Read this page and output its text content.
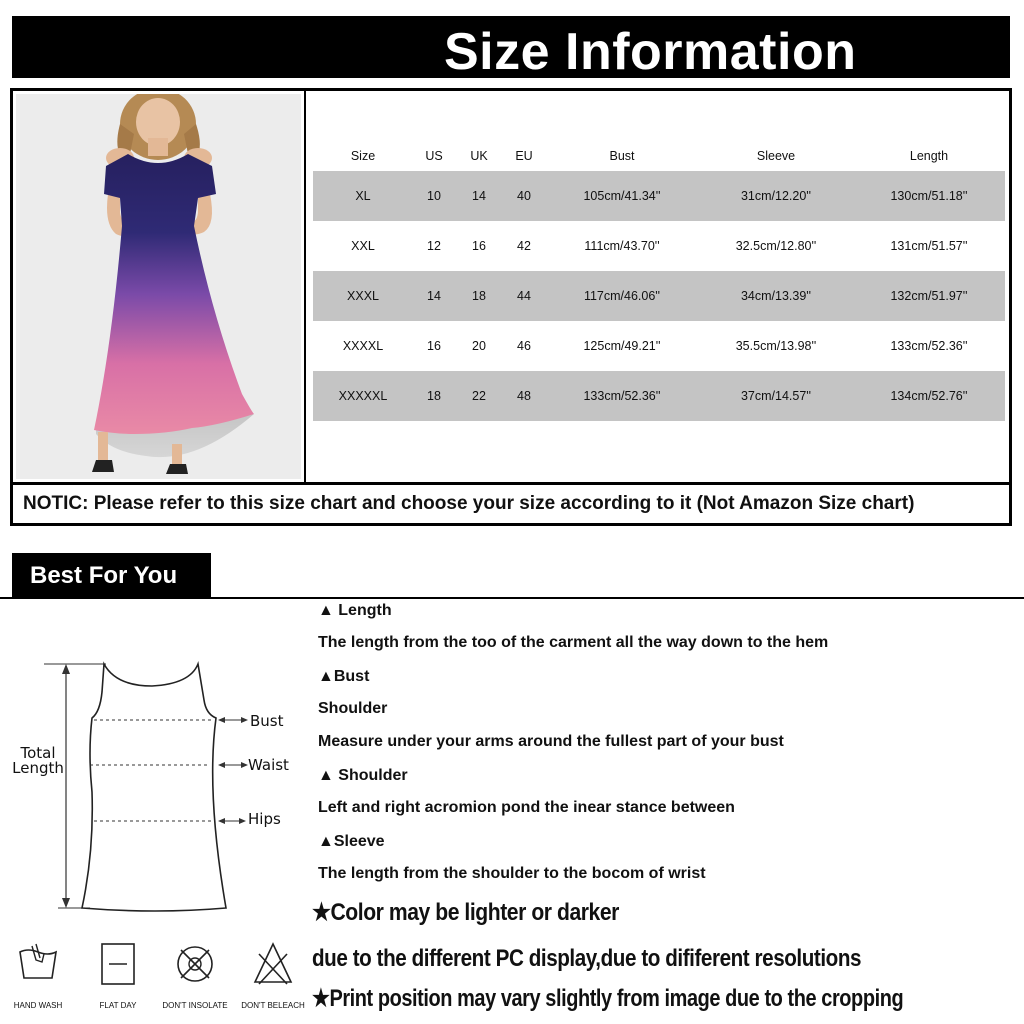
Size Information
Size	US	UK	EU	Bust	Sleeve	Length
XL	10	14	40	105cm/41.34''	31cm/12.20''	130cm/51.18''
XXL	12	16	42	111cm/43.70''	32.5cm/12.80''	131cm/51.57''
XXXL	14	18	44	117cm/46.06''	34cm/13.39''	132cm/51.97''
XXXXL	16	20	46	125cm/49.21''	35.5cm/13.98''	133cm/52.36''
XXXXXL	18	22	48	133cm/52.36''	37cm/14.57''	134cm/52.76''
NOTIC: Please refer to this size chart and choose your size according to it (Not Amazon Size chart)
Best For You
Total
Length
Bust
Waist
Hips
HAND WASH	FLAT DAY	DON'T INSOLATE	DON'T BELEACH
▲ Length
The length from the too of the carment all the way down to the hem
▲Bust
Shoulder
Measure under your arms around the fullest part of your bust
▲ Shoulder
Left and right acromion pond the inear stance between
▲Sleeve
The length from the shoulder to the bocom of wrist
★Color may be lighter or darker
due to the different PC display,due to dififerent resolutions
★Print position may vary slightly from image due to the cropping
